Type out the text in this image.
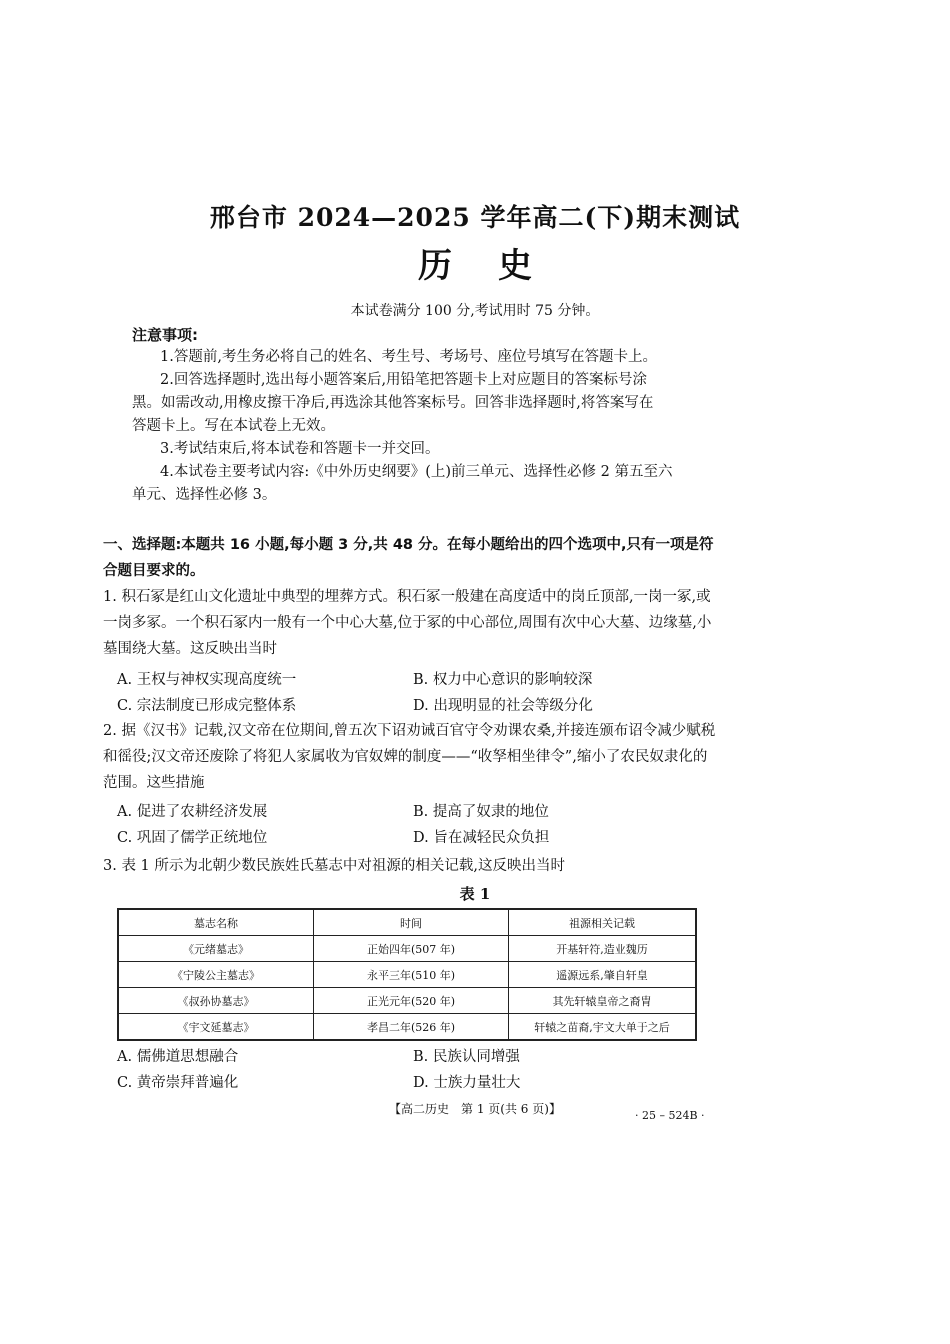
邢台市 2024—2025 学年高二(下)期末测试
历史
本试卷满分 100 分,考试用时 75 分钟。
注意事项:
1.答题前,考生务必将自己的姓名、考生号、考场号、座位号填写在答题卡上。
2.回答选择题时,选出每小题答案后,用铅笔把答题卡上对应题目的答案标号涂
黑。如需改动,用橡皮擦干净后,再选涂其他答案标号。回答非选择题时,将答案写在
答题卡上。写在本试卷上无效。
3.考试结束后,将本试卷和答题卡一并交回。
4.本试卷主要考试内容:《中外历史纲要》(上)前三单元、选择性必修 2 第五至六
单元、选择性必修 3。
一、选择题:本题共 16 小题,每小题 3 分,共 48 分。在每小题给出的四个选项中,只有一项是符合题目要求的。
1. 积石冢是红山文化遗址中典型的埋葬方式。积石冢一般建在高度适中的岗丘顶部,一岗一冢,或一岗多冢。一个积石冢内一般有一个中心大墓,位于冢的中心部位,周围有次中心大墓、边缘墓,小墓围绕大墓。这反映出当时
A. 王权与神权实现高度统一	B. 权力中心意识的影响较深
C. 宗法制度已形成完整体系	D. 出现明显的社会等级分化
2. 据《汉书》记载,汉文帝在位期间,曾五次下诏劝诫百官守令劝课农桑,并接连颁布诏令减少赋税和徭役;汉文帝还废除了将犯人家属收为官奴婢的制度——“收孥相坐律令”,缩小了农民奴隶化的范围。这些措施
A. 促进了农耕经济发展	B. 提高了奴隶的地位
C. 巩固了儒学正统地位	D. 旨在减轻民众负担
3. 表 1 所示为北朝少数民族姓氏墓志中对祖源的相关记载,这反映出当时
表 1
墓志名称	时间	祖源相关记载
《元绪墓志》	正始四年(507 年)	开基轩符,造业魏历
《宁陵公主墓志》	永平三年(510 年)	遥源远系,肇自轩皇
《叔孙协墓志》	正光元年(520 年)	其先轩辕皇帝之裔胄
《宇文延墓志》	孝昌二年(526 年)	轩辕之苗裔,宇文大单于之后
A. 儒佛道思想融合	B. 民族认同增强
C. 黄帝崇拜普遍化	D. 士族力量壮大
【高二历史　第 1 页(共 6 页)】	· 25 – 524B ·
